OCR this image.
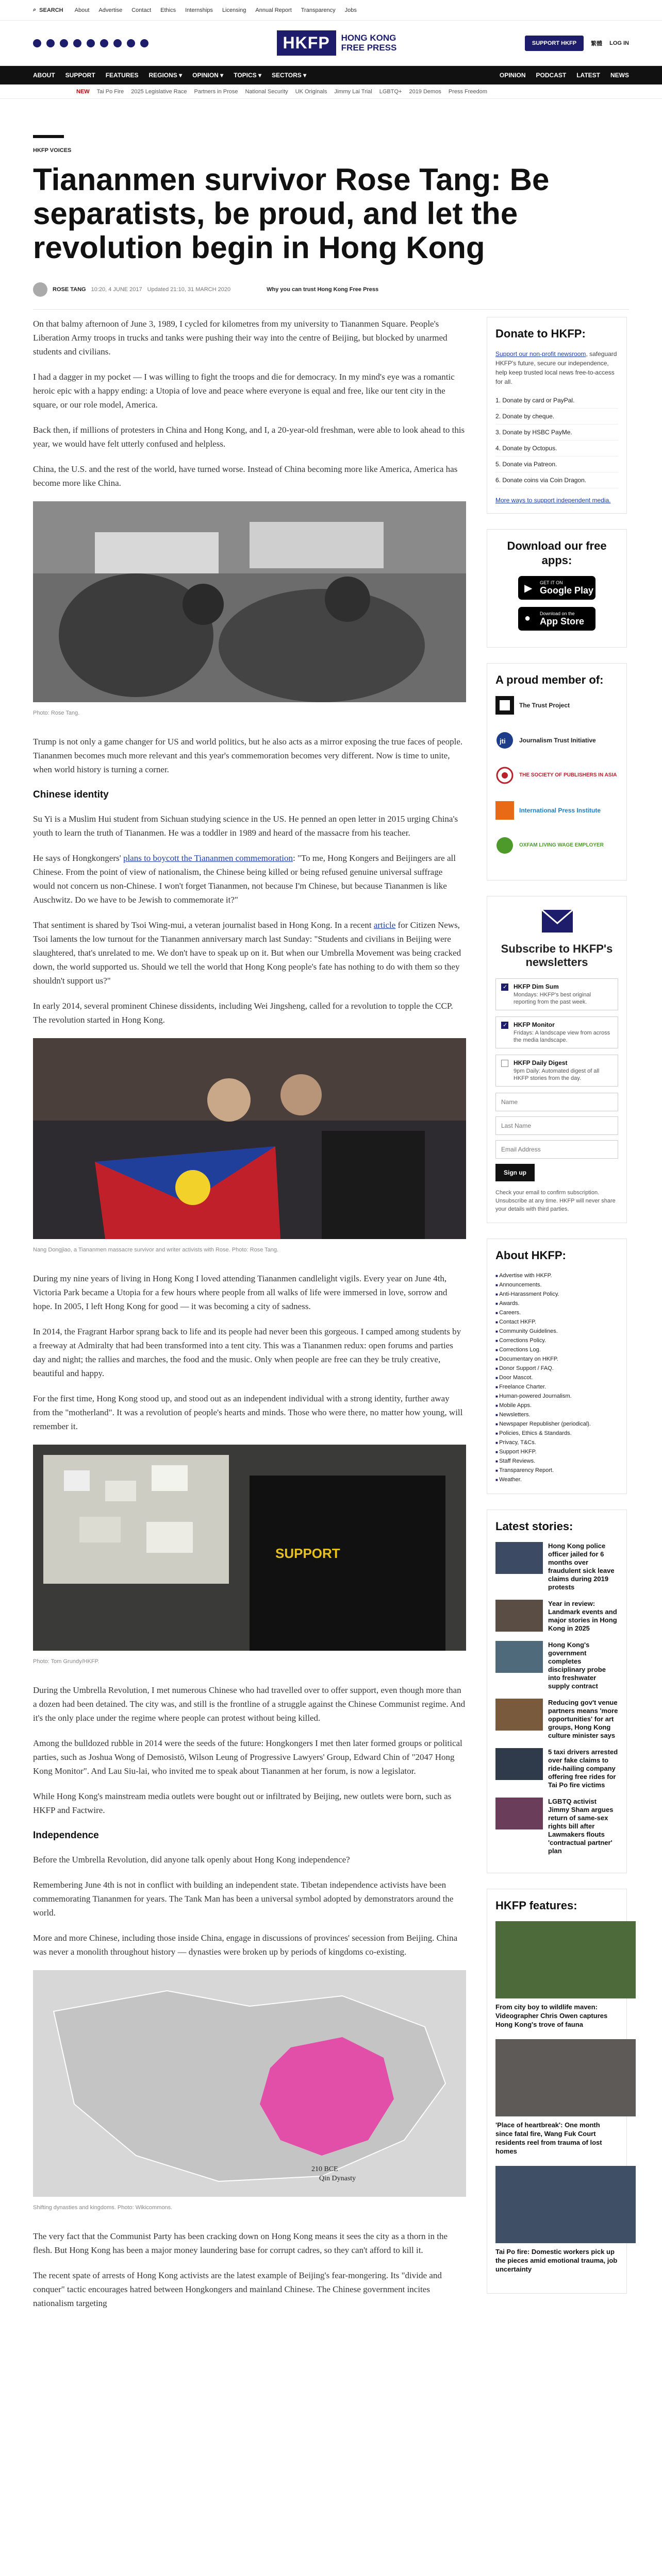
⌕ SEARCH About Advertise Contact Ethics Internships Licensing Annual Report Transparency Jobs
HKFP	HONG KONG
FREE PRESS	SUPPORT HKFP	繁體 LOG IN
ABOUT SUPPORT FEATURES REGIONS ▾ OPINION ▾ TOPICS ▾ SECTORS ▾	OPINION PODCAST LATEST NEWS
NEW Tai Po Fire 2025 Legislative Race Partners in Prose National Security UK Originals Jimmy Lai Trial LGBTQ+ 2019 Demos Press Freedom
HKFP VOICES
Tiananmen survivor Rose Tang: Be separatists, be proud, and let the revolution begin in Hong Kong
ROSE TANG 10:20, 4 JUNE 2017 Updated 21:10, 31 MARCH 2020	Why you can trust Hong Kong Free Press

On that balmy afternoon of June 3, 1989, I cycled for kilometres from my university to Tiananmen Square. People's Liberation Army troops in trucks and tanks were pushing their way into the centre of Beijing, but blocked by unarmed students and civilians.

I had a dagger in my pocket — I was willing to fight the troops and die for democracy. In my mind's eye was a romantic heroic epic with a happy ending: a Utopia of love and peace where everyone is equal and free, like our tent city in the square, or our role model, America.

Back then, if millions of protesters in China and Hong Kong, and I, a 20-year-old freshman, were able to look ahead to this year, we would have felt utterly confused and helpless.

China, the U.S. and the rest of the world, have turned worse. Instead of China becoming more like America, America has become more like China.

Photo: Rose Tang.

Trump is not only a game changer for US and world politics, but he also acts as a mirror exposing the true faces of people. Tiananmen becomes much more relevant and this year's commemoration becomes very different. Now is time to unite, when world history is turning a corner.

Chinese identity

Su Yi is a Muslim Hui student from Sichuan studying science in the US. He penned an open letter in 2015 urging China's youth to learn the truth of Tiananmen. He was a toddler in 1989 and heard of the massacre from his teacher.

He says of Hongkongers' plans to boycott the Tiananmen commemoration: "To me, Hong Kongers and Beijingers are all Chinese. From the point of view of nationalism, the Chinese being killed or being refused genuine universal suffrage would not concern us non-Chinese. I won't forget Tiananmen, not because I'm Chinese, but because Tiananmen is like Auschwitz. Do we have to be Jewish to commemorate it?"

That sentiment is shared by Tsoi Wing-mui, a veteran journalist based in Hong Kong. In a recent article for Citizen News, Tsoi laments the low turnout for the Tiananmen anniversary march last Sunday: "Students and civilians in Beijing were slaughtered, that's unrelated to me. We don't have to speak up on it. But when our Umbrella Movement was being cracked down, the world supported us. Should we tell the world that Hong Kong people's fate has nothing to do with them so they shouldn't support us?"

In early 2014, several prominent Chinese dissidents, including Wei Jingsheng, called for a revolution to topple the CCP. The revolution started in Hong Kong.

Nang Dongjiao, a Tiananmen massacre survivor and writer activists with Rose. Photo: Rose Tang.

During my nine years of living in Hong Kong I loved attending Tiananmen candlelight vigils. Every year on June 4th, Victoria Park became a Utopia for a few hours where people from all walks of life were immersed in love, sorrow and hope. In 2005, I left Hong Kong for good — it was becoming a city of sadness.

In 2014, the Fragrant Harbor sprang back to life and its people had never been this gorgeous. I camped among students by a freeway at Admiralty that had been transformed into a tent city. This was a Tiananmen redux: open forums and parties day and night; the rallies and marches, the food and the music. Only when people are free can they be truly creative, beautiful and happy.

For the first time, Hong Kong stood up, and stood out as an independent individual with a strong identity, further away from the "motherland". It was a revolution of people's hearts and minds. Those who were there, no matter how young, will remember it.

SUPPORT
Photo: Tom Grundy/HKFP.

During the Umbrella Revolution, I met numerous Chinese who had travelled over to offer support, even though more than a dozen had been detained. The city was, and still is the frontline of a struggle against the Chinese Communist regime. And it's the only place under the regime where people can protest without being killed.

Among the bulldozed rubble in 2014 were the seeds of the future: Hongkongers I met then later formed groups or political parties, such as Joshua Wong of Demosistō, Wilson Leung of Progressive Lawyers' Group, Edward Chin of "2047 Hong Kong Monitor". And Lau Siu-lai, who invited me to speak about Tiananmen at her forum, is now a legislator.

While Hong Kong's mainstream media outlets were bought out or infiltrated by Beijing, new outlets were born, such as HKFP and Factwire.

Independence

Before the Umbrella Revolution, did anyone talk openly about Hong Kong independence?

Remembering June 4th is not in conflict with building an independent state. Tibetan independence activists have been commemorating Tiananmen for years. The Tank Man has been a universal symbol adopted by demonstrators around the world.

More and more Chinese, including those inside China, engage in discussions of provinces' secession from Beijing. China was never a monolith throughout history — dynasties were broken up by periods of kingdoms co-existing.

210 BCE
Qin Dynasty
Shifting dynasties and kingdoms. Photo: Wikicommons.

The very fact that the Communist Party has been cracking down on Hong Kong means it sees the city as a thorn in the flesh. But Hong Kong has been a major money laundering base for corrupt cadres, so they can't afford to kill it.

The recent spate of arrests of Hong Kong activists are the latest example of Beijing's fear-mongering. Its "divide and conquer" tactic encourages hatred between Hongkongers and mainland Chinese. The Chinese government incites nationalism targeting

Donate to HKFP:

Support our non-profit newsroom, safeguard HKFP's future, secure our independence, help keep trusted local news free-to-access for all.

1. Donate by card or PayPal.
2. Donate by cheque.
3. Donate by HSBC PayMe.
4. Donate by Octopus.
5. Donate via Patreon.
6. Donate coins via Coin Dragon.
More ways to support independent media.
Download our free apps:
▶
GET IT ON
Google Play
● Download on the
App Store
A proud member of:
The Trust Project
jti Journalism Trust Initiative
THE SOCIETY OF PUBLISHERS IN ASIA
International Press Institute
OXFAM LIVING WAGE EMPLOYER
Subscribe to HKFP's newsletters
✓
HKFP Dim Sum
Mondays: HKFP's best original reporting from the past week.
✓
HKFP Monitor
Fridays: A landscape view from across the media landscape.
HKFP Daily Digest
9pm Daily: Automated digest of all HKFP stories from the day.
Name Last Name Email Address Sign up
Check your email to confirm subscription. Unsubscribe at any time. HKFP will never share your details with third parties.
About HKFP:
■ Advertise with HKFP.
■ Announcements.
■ Anti-Harassment Policy.
■ Awards.
■ Careers.
■ Contact HKFP.
■ Community Guidelines.
■ Corrections Policy.
■ Corrections Log.
■ Documentary on HKFP.
■ Donor Support / FAQ.
■ Door Mascot.
■ Freelance Charter.
■ Human-powered Journalism.
■ Mobile Apps.
■ Newsletters.
■ Newspaper Republisher (periodical).
■ Policies, Ethics & Standards.
■ Privacy, T&Cs.
■ Support HKFP.
■ Staff Reviews.
■ Transparency Report.
■ Weather.
Latest stories:
Hong Kong police officer jailed for 6 months over fraudulent sick leave claims during 2019 protests
Year in review: Landmark events and major stories in Hong Kong in 2025
Hong Kong's government completes disciplinary probe into freshwater supply contract
Reducing gov't venue partners means 'more opportunities' for art groups, Hong Kong culture minister says
5 taxi drivers arrested over fake claims to ride-hailing company offering free rides for Tai Po fire victims
LGBTQ activist Jimmy Sham argues return of same-sex rights bill after Lawmakers flouts 'contractual partner' plan
HKFP features:
From city boy to wildlife maven: Videographer Chris Owen captures Hong Kong's trove of fauna
'Place of heartbreak': One month since fatal fire, Wang Fuk Court residents reel from trauma of lost homes
Tai Po fire: Domestic workers pick up the pieces amid emotional trauma, job uncertainty
